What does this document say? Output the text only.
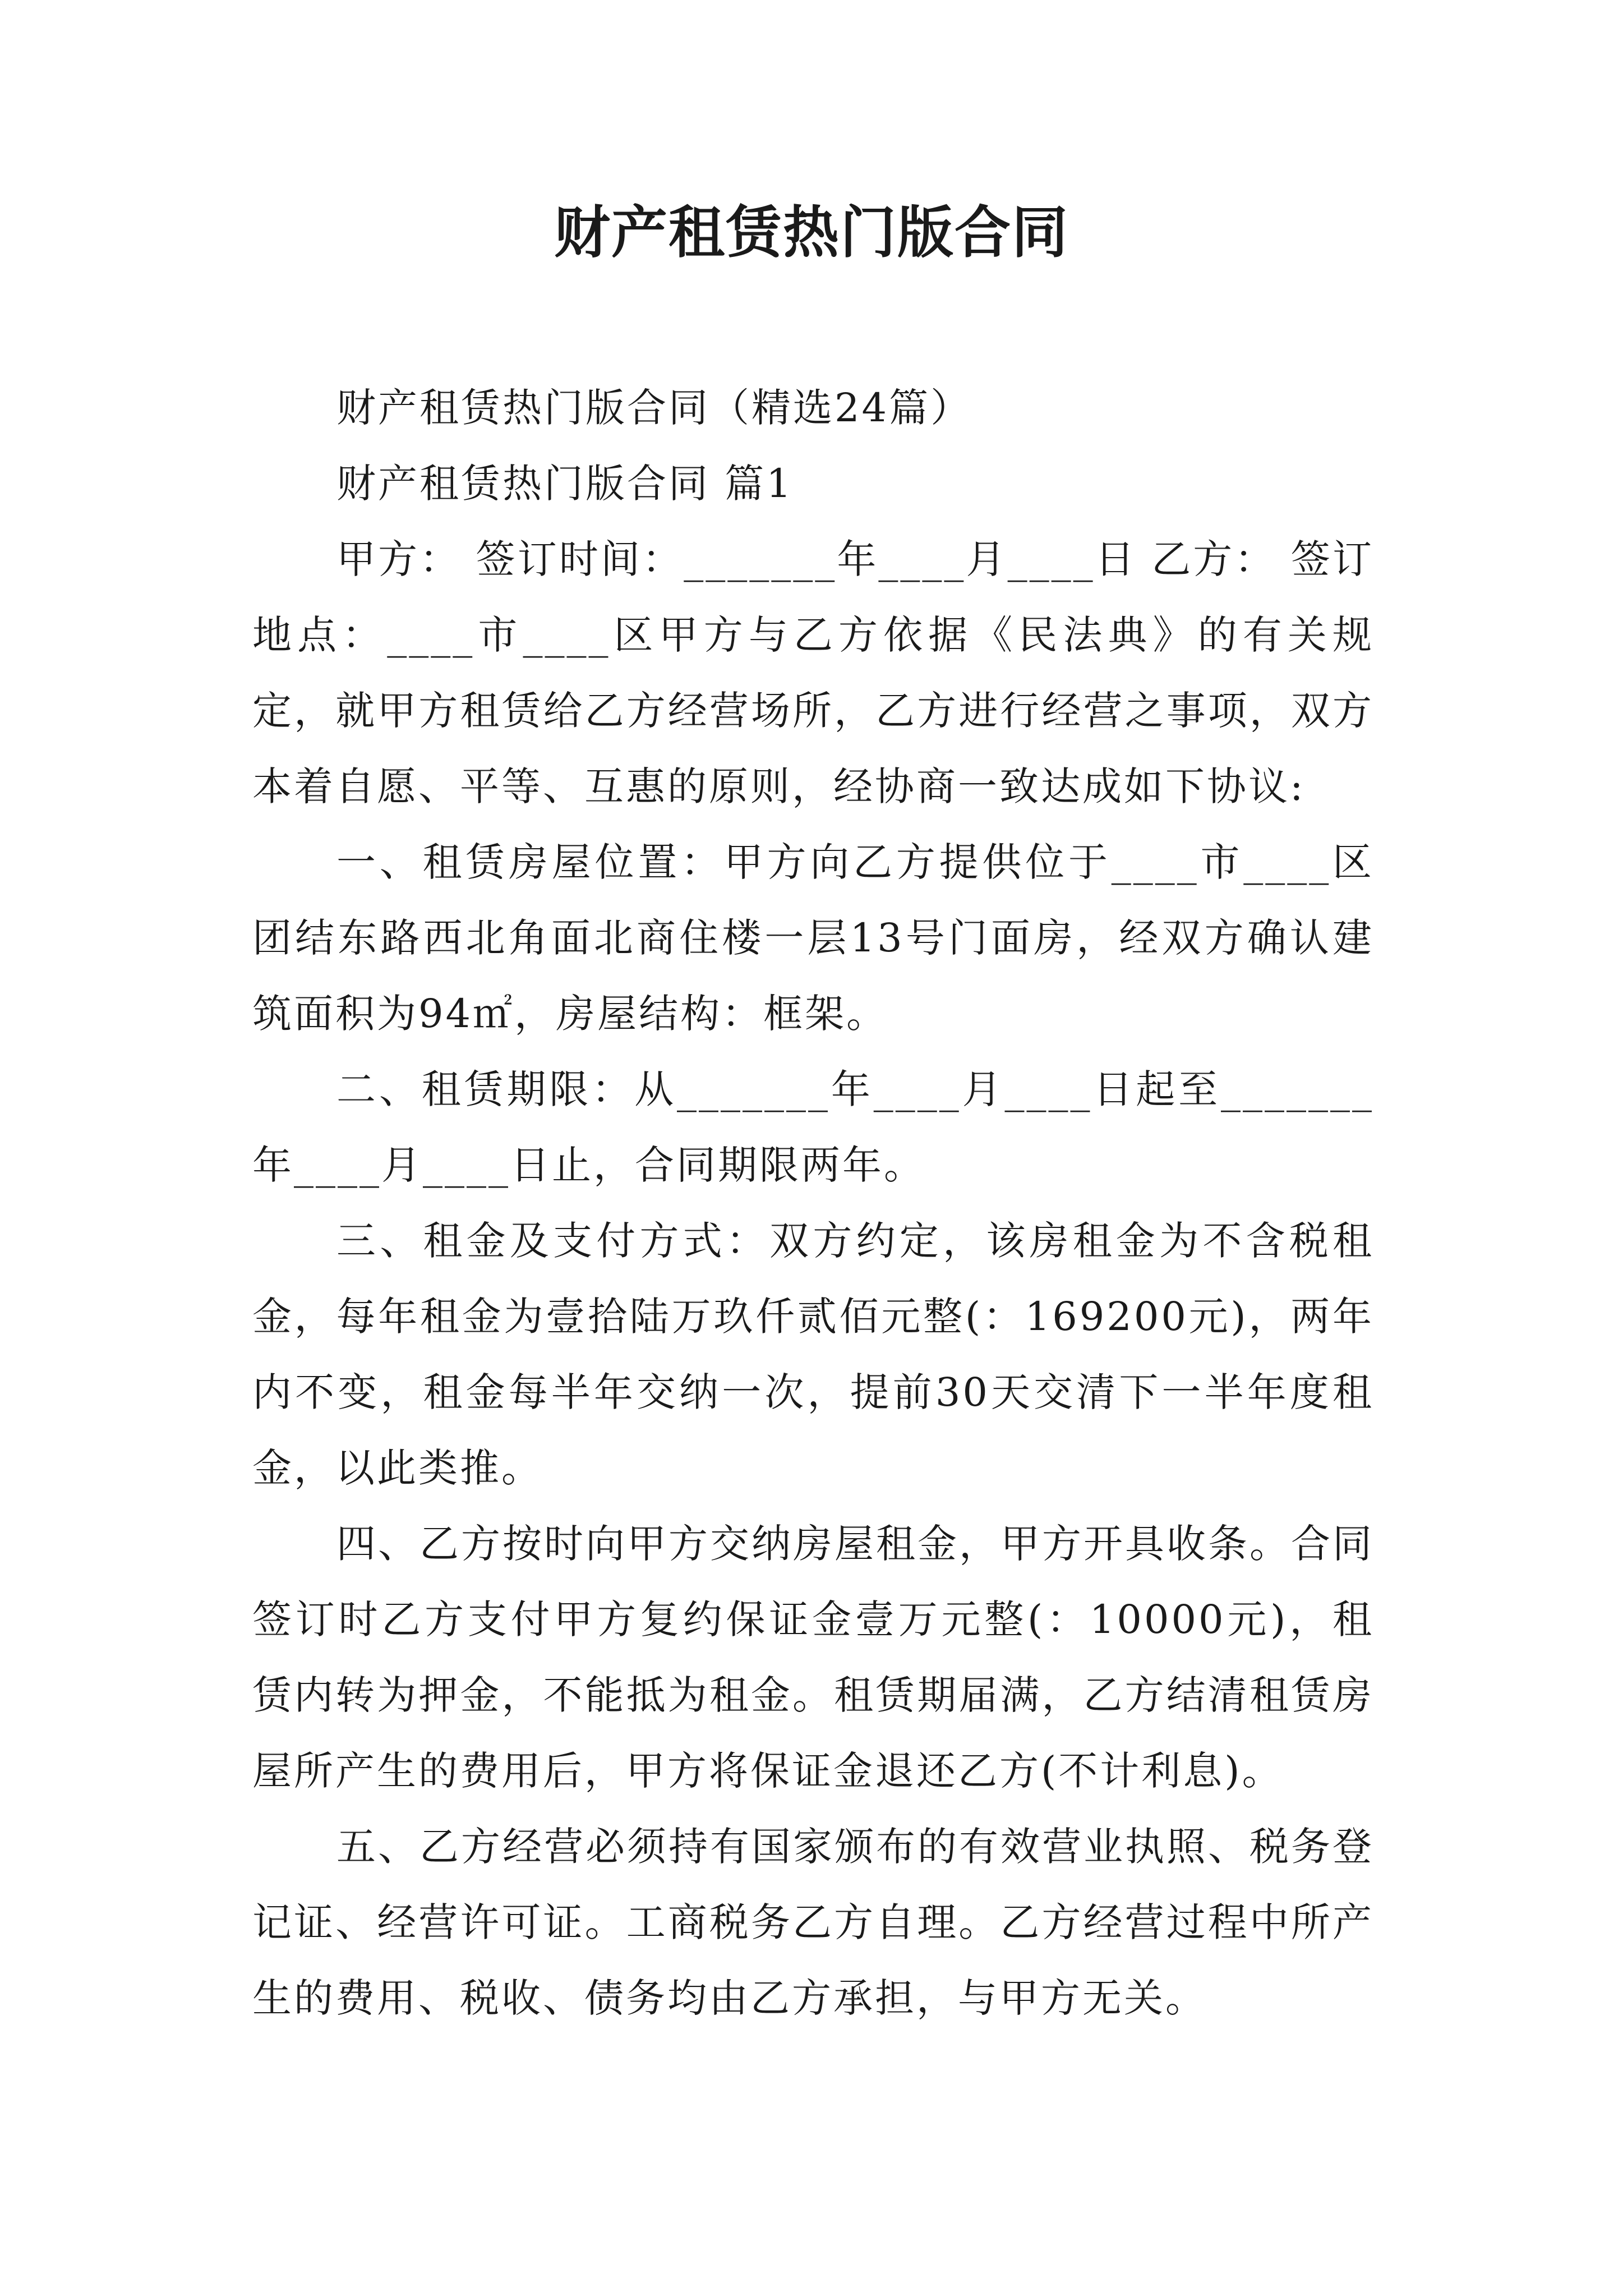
财产租赁热门版合同

财产租赁热门版合同（精选24篇）

财产租赁热门版合同 篇1

甲方： 签订时间：_______年____月____日 乙方： 签订地点：____市____区甲方与乙方依据《民法典》的有关规定，就甲方租赁给乙方经营场所，乙方进行经营之事项，双方本着自愿、平等、互惠的原则，经协商一致达成如下协议:

一、租赁房屋位置：甲方向乙方提供位于____市____区团结东路西北角面北商住楼一层13号门面房，经双方确认建筑面积为94㎡，房屋结构：框架。

二、租赁期限：从_______年____月____日起至_______年____月____日止，合同期限两年。

三、租金及支付方式：双方约定，该房租金为不含税租金，每年租金为壹拾陆万玖仟贰佰元整(：169200元)，两年内不变，租金每半年交纳一次，提前30天交清下一半年度租金，以此类推。

四、乙方按时向甲方交纳房屋租金，甲方开具收条。合同签订时乙方支付甲方复约保证金壹万元整(：10000元)，租赁内转为押金，不能抵为租金。租赁期届满，乙方结清租赁房屋所产生的费用后，甲方将保证金退还乙方(不计利息)。

五、乙方经营必须持有国家颁布的有效营业执照、税务登记证、经营许可证。工商税务乙方自理。乙方经营过程中所产生的费用、税收、债务均由乙方承担，与甲方无关。
